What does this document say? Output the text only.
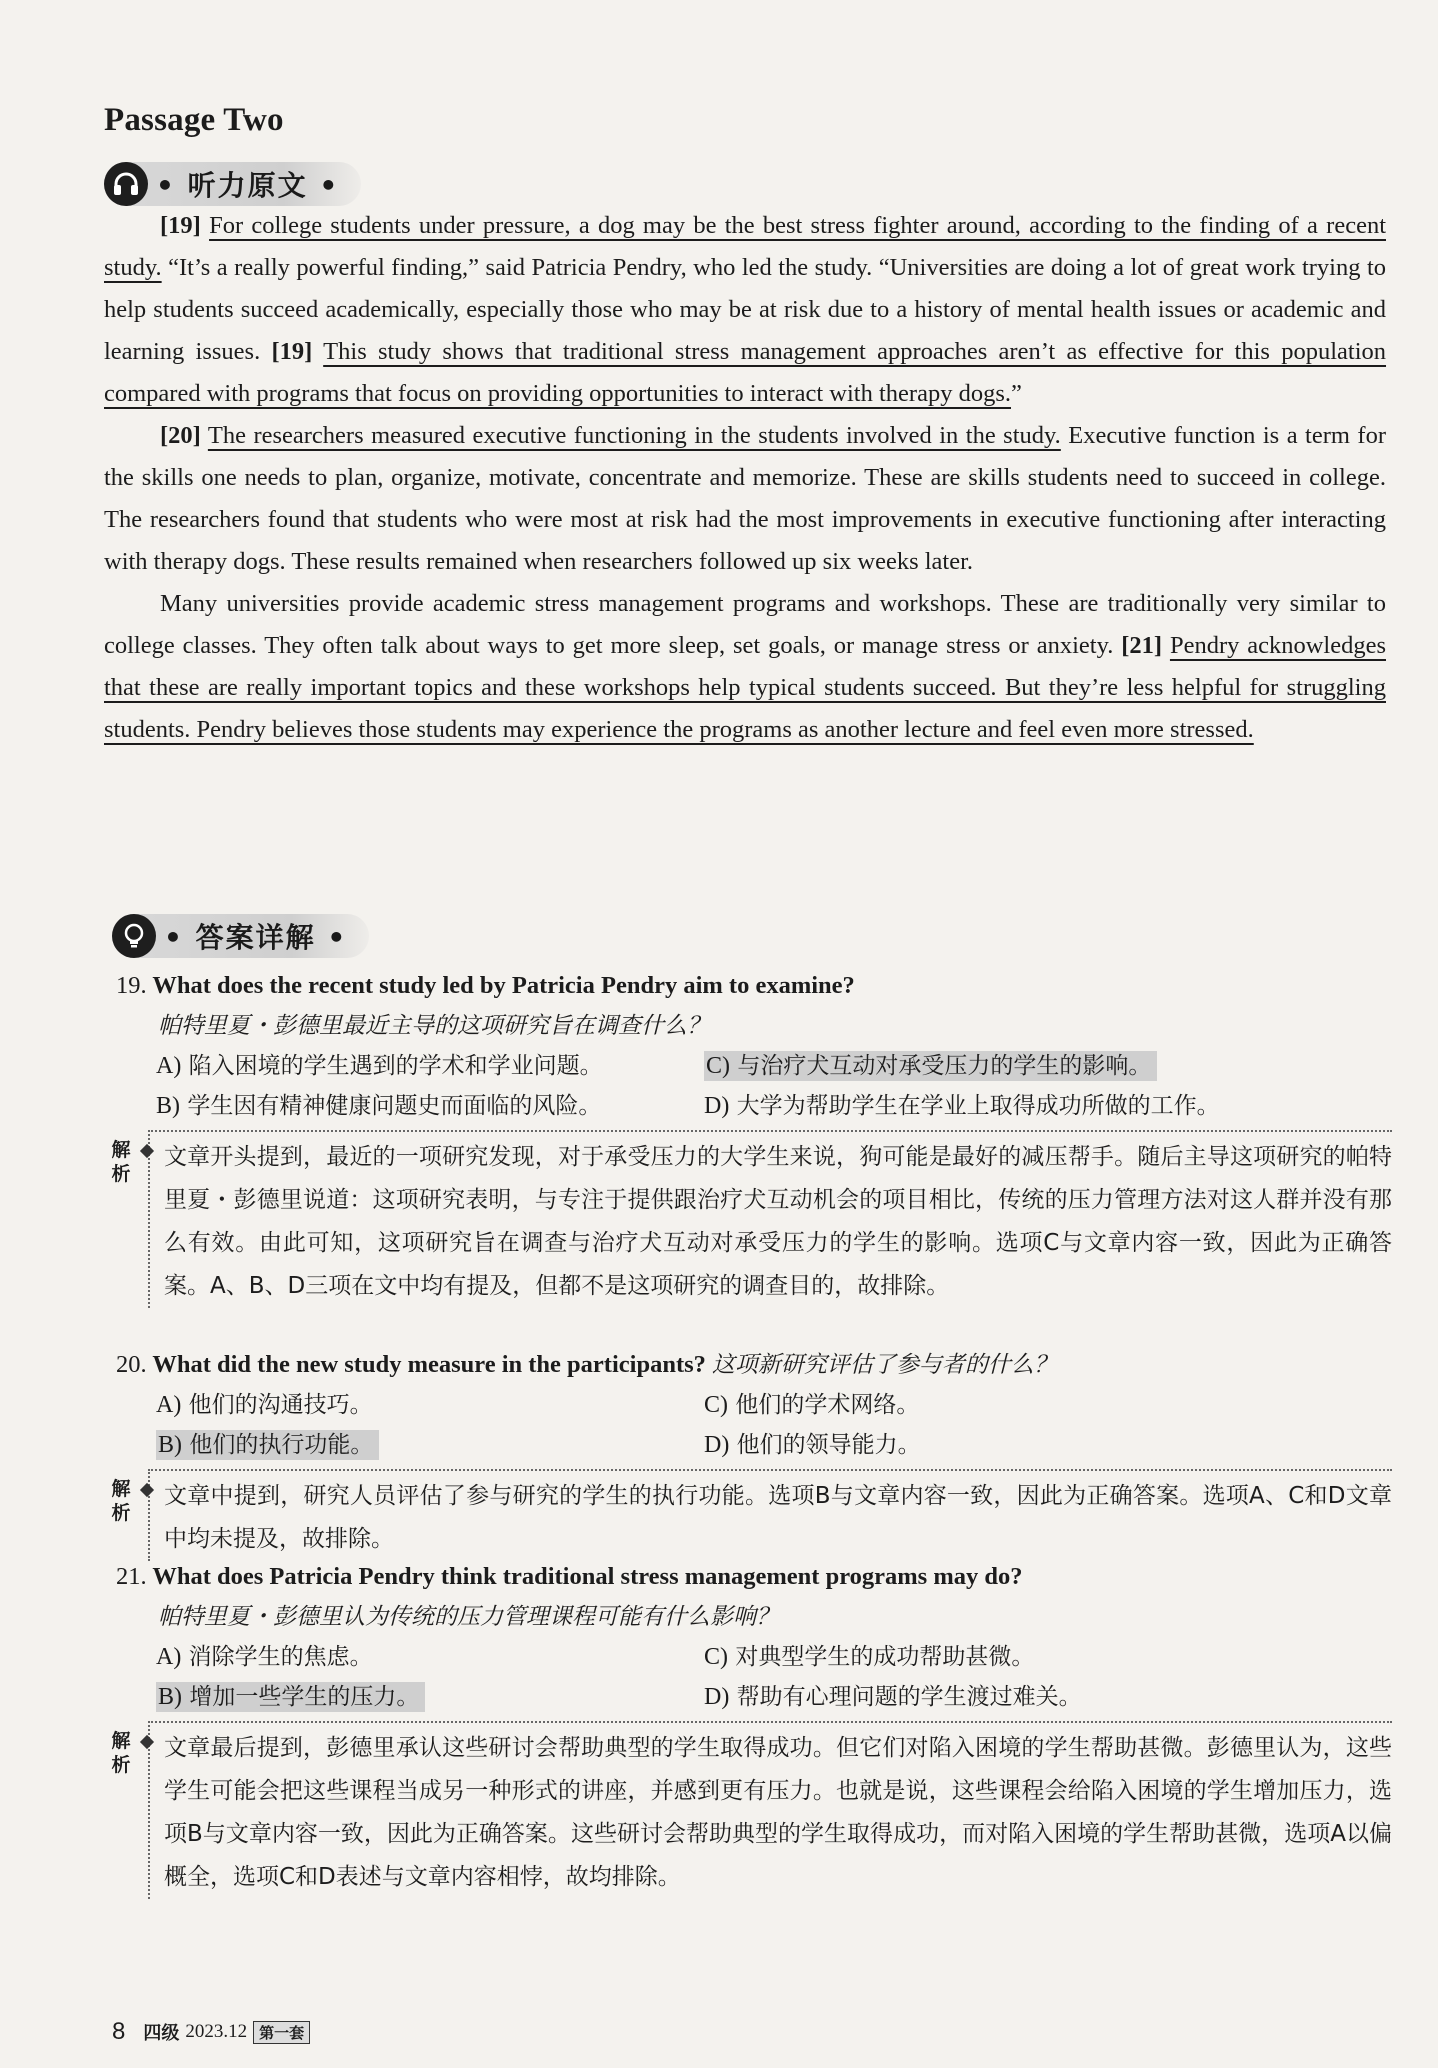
Passage Two
• 听力原文 •

[19] For college students under pressure, a dog may be the best stress fighter around, according to the finding of a recent study. “It’s a really powerful finding,” said Patricia Pendry, who led the study. “Universities are doing a lot of great work trying to help students succeed academically, especially those who may be at risk due to a history of mental health issues or academic and learning issues. [19] This study shows that traditional stress management approaches aren’t as effective for this population compared with programs that focus on providing opportunities to interact with therapy dogs.”

[20] The researchers measured executive functioning in the students involved in the study. Executive function is a term for the skills one needs to plan, organize, motivate, concentrate and memorize. These are skills students need to succeed in college. The researchers found that students who were most at risk had the most improvements in executive functioning after interacting with therapy dogs. These results remained when researchers followed up six weeks later.

Many universities provide academic stress management programs and workshops. These are traditionally very similar to college classes. They often talk about ways to get more sleep, set goals, or manage stress or anxiety. [21] Pendry acknowledges that these are really important topics and these workshops help typical students succeed. But they’re less helpful for struggling students. Pendry believes those students may experience the programs as another lecture and feel even more stressed.

• 答案详解 •
19. What does the recent study led by Patricia Pendry aim to examine?
帕特里夏・彭德里最近主导的这项研究旨在调查什么？
A) 陷入困境的学生遇到的学术和学业问题。	C) 与治疗犬互动对承受压力的学生的影响。
B) 学生因有精神健康问题史而面临的风险。	D) 大学为帮助学生在学业上取得成功所做的工作。
解析
文章开头提到，最近的一项研究发现，对于承受压力的大学生来说，狗可能是最好的减压帮手。随后主导这项研究的帕特里夏・彭德里说道：这项研究表明，与专注于提供跟治疗犬互动机会的项目相比，传统的压力管理方法对这人群并没有那么有效。由此可知，这项研究旨在调查与治疗犬互动对承受压力的学生的影响。选项C与文章内容一致，因此为正确答案。A、B、D三项在文中均有提及，但都不是这项研究的调查目的，故排除。
20. What did the new study measure in the participants? 这项新研究评估了参与者的什么？
A) 他们的沟通技巧。	C) 他们的学术网络。
B) 他们的执行功能。	D) 他们的领导能力。
解析
文章中提到，研究人员评估了参与研究的学生的执行功能。选项B与文章内容一致，因此为正确答案。选项A、C和D文章中均未提及，故排除。
21. What does Patricia Pendry think traditional stress management programs may do?
帕特里夏・彭德里认为传统的压力管理课程可能有什么影响？
A) 消除学生的焦虑。	C) 对典型学生的成功帮助甚微。
B) 增加一些学生的压力。	D) 帮助有心理问题的学生渡过难关。
解析
文章最后提到，彭德里承认这些研讨会帮助典型的学生取得成功。但它们对陷入困境的学生帮助甚微。彭德里认为，这些学生可能会把这些课程当成另一种形式的讲座，并感到更有压力。也就是说，这些课程会给陷入困境的学生增加压力，选项B与文章内容一致，因此为正确答案。这些研讨会帮助典型的学生取得成功，而对陷入困境的学生帮助甚微，选项A以偏概全，选项C和D表述与文章内容相悖，故均排除。
8 四级 2023.12 第一套
